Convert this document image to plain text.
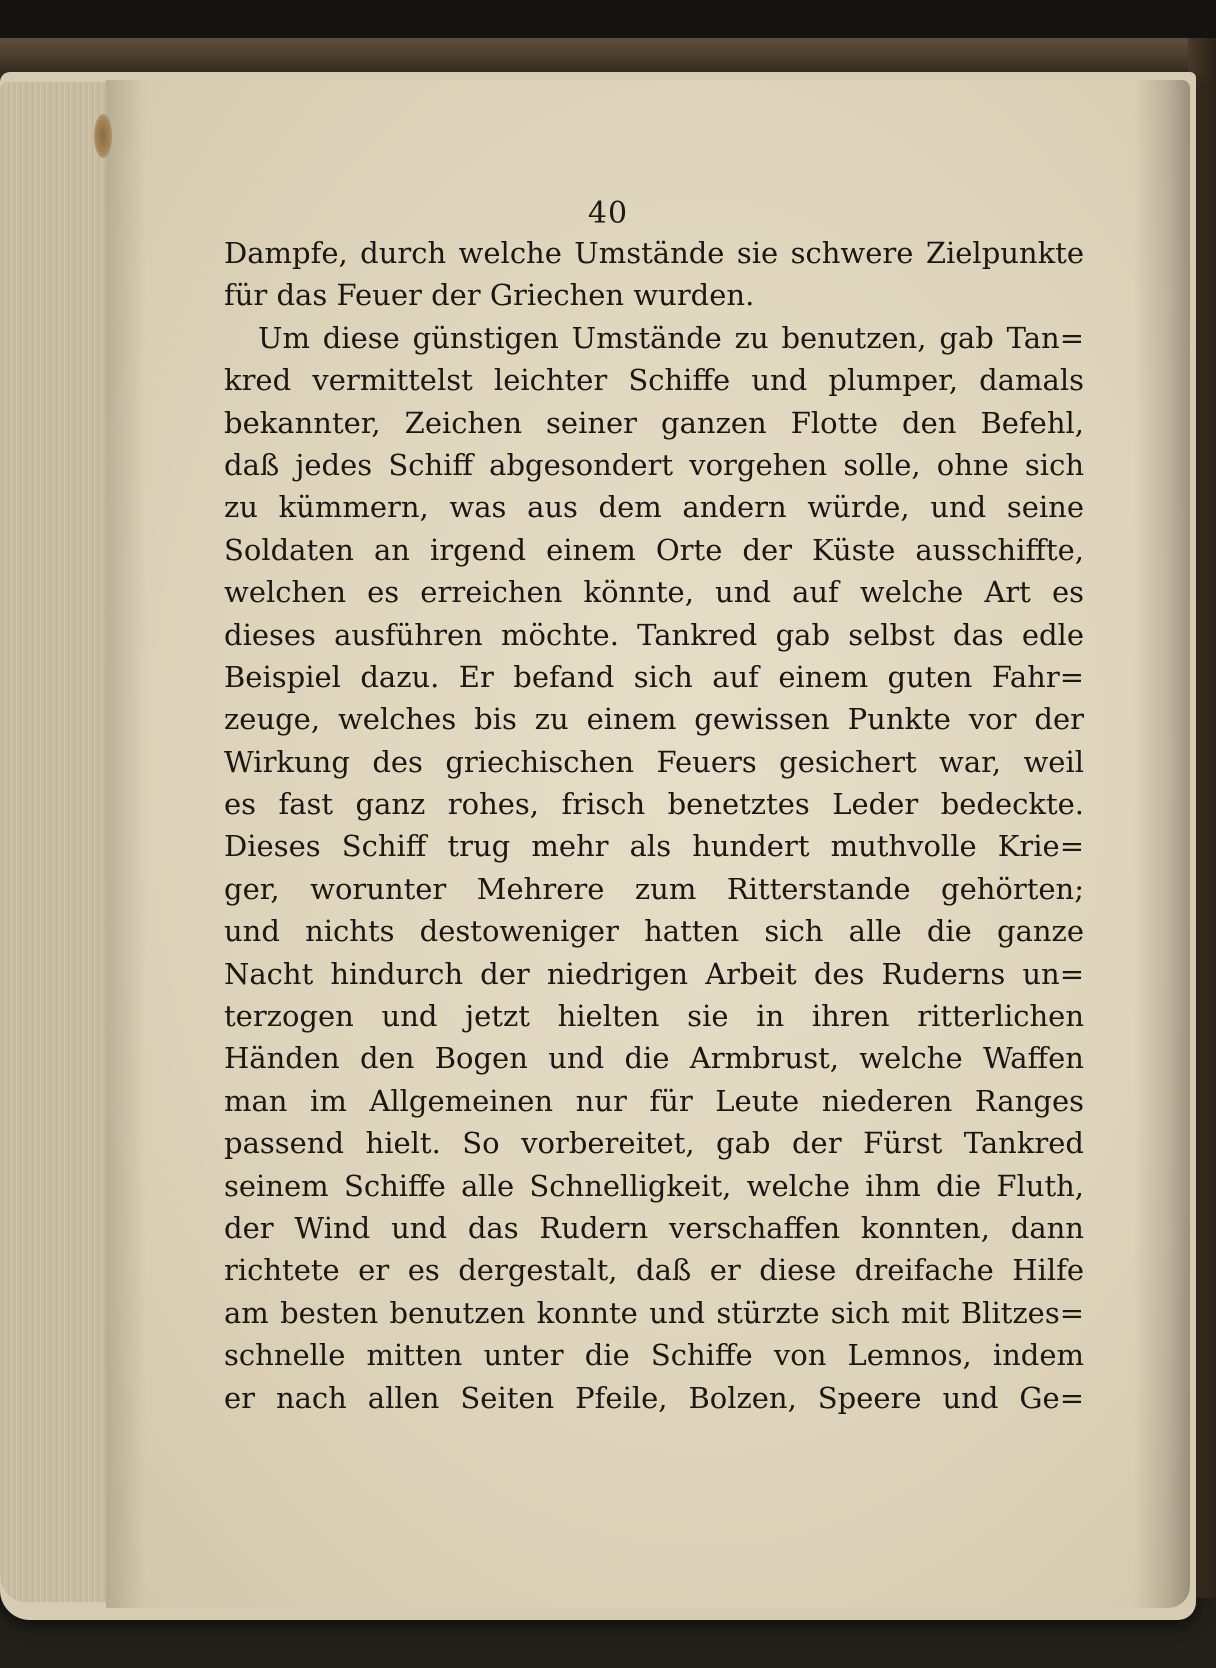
40
Dampfe, durch welche Umstände sie schwere Zielpunkte
für das Feuer der Griechen wurden.
Um diese günstigen Umstände zu benutzen, gab Tan=
kred vermittelst leichter Schiffe und plumper, damals
bekannter, Zeichen seiner ganzen Flotte den Befehl,
daß jedes Schiff abgesondert vorgehen solle, ohne sich
zu kümmern, was aus dem andern würde, und seine
Soldaten an irgend einem Orte der Küste ausschiffte,
welchen es erreichen könnte, und auf welche Art es
dieses ausführen möchte. Tankred gab selbst das edle
Beispiel dazu. Er befand sich auf einem guten Fahr=
zeuge, welches bis zu einem gewissen Punkte vor der
Wirkung des griechischen Feuers gesichert war, weil
es fast ganz rohes, frisch benetztes Leder bedeckte.
Dieses Schiff trug mehr als hundert muthvolle Krie=
ger, worunter Mehrere zum Ritterstande gehörten;
und nichts destoweniger hatten sich alle die ganze
Nacht hindurch der niedrigen Arbeit des Ruderns un=
terzogen und jetzt hielten sie in ihren ritterlichen
Händen den Bogen und die Armbrust, welche Waffen
man im Allgemeinen nur für Leute niederen Ranges
passend hielt. So vorbereitet, gab der Fürst Tankred
seinem Schiffe alle Schnelligkeit, welche ihm die Fluth,
der Wind und das Rudern verschaffen konnten, dann
richtete er es dergestalt, daß er diese dreifache Hilfe
am besten benutzen konnte und stürzte sich mit Blitzes=
schnelle mitten unter die Schiffe von Lemnos, indem
er nach allen Seiten Pfeile, Bolzen, Speere und Ge=
